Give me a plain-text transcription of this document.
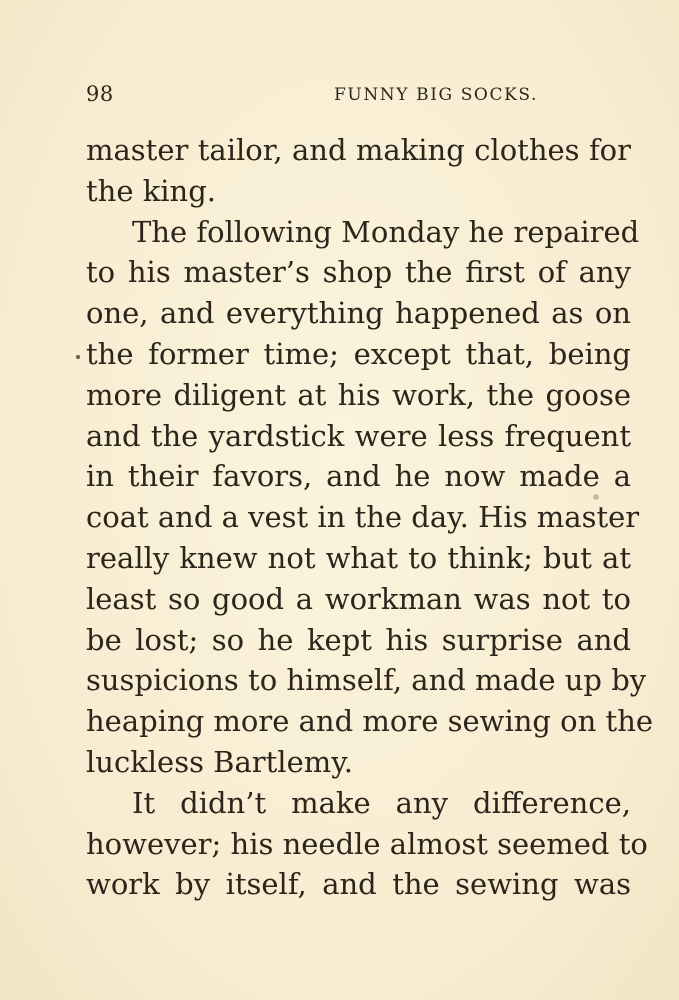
98	FUNNY BIG SOCKS.
master tailor, and making clothes for
the king.
The following Monday he repaired
to his master’s shop the first of any
one, and everything happened as on
the former time; except that, being
more diligent at his work, the goose
and the yardstick were less frequent
in their favors, and he now made a
coat and a vest in the day. His master
really knew not what to think; but at
least so good a workman was not to
be lost; so he kept his surprise and
suspicions to himself, and made up by
heaping more and more sewing on the
luckless Bartlemy.
It didn’t make any difference,
however; his needle almost seemed to
work by itself, and the sewing was
